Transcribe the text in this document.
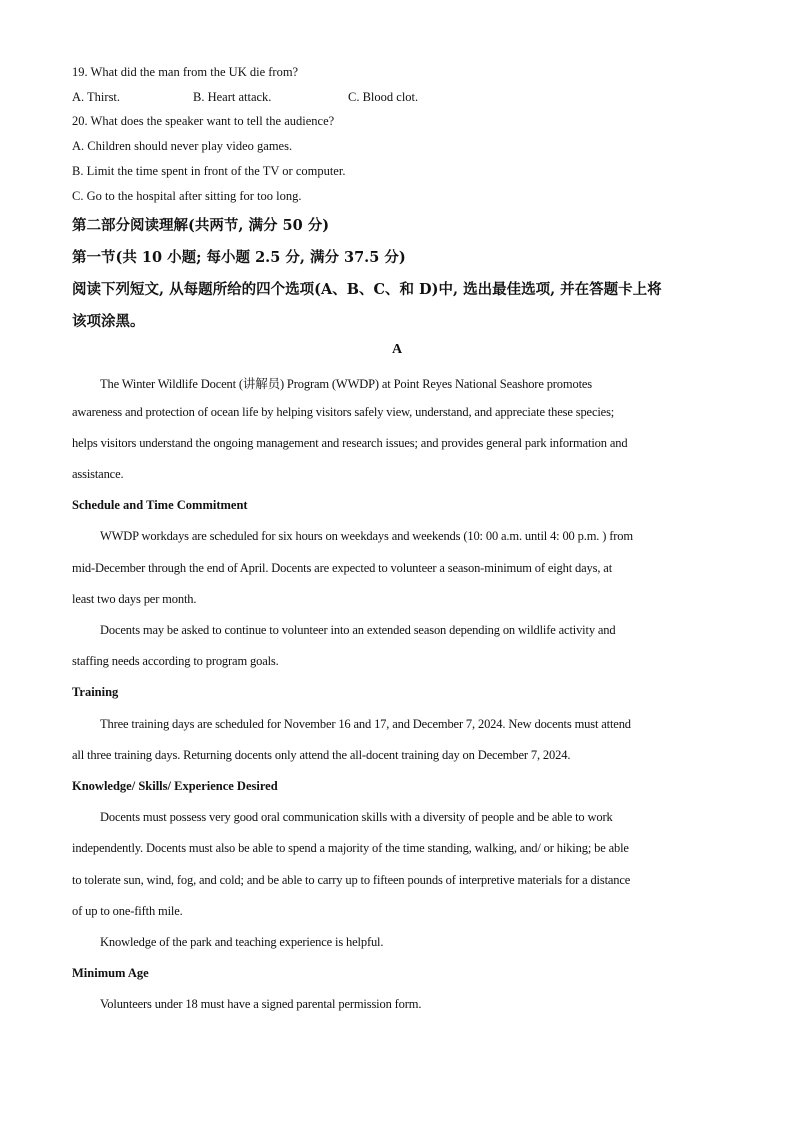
19. What did the man from the UK die from?
A. Thirst.	B. Heart attack.	C. Blood clot.
20. What does the speaker want to tell the audience?
A. Children should never play video games.
B. Limit the time spent in front of the TV or computer.
C. Go to the hospital after sitting for too long.
第二部分阅读理解(共两节, 满分 50 分)
第一节(共 10 小题; 每小题 2.5 分, 满分 37.5 分)
阅读下列短文, 从每题所给的四个选项(A、B、C、和 D)中, 选出最佳选项, 并在答题卡上将
该项涂黑。
A
The Winter Wildlife Docent (讲解员) Program (WWDP) at Point Reyes National Seashore promotes
awareness and protection of ocean life by helping visitors safely view, understand, and appreciate these species;
helps visitors understand the ongoing management and research issues; and provides general park information and
assistance.
Schedule and Time Commitment
WWDP workdays are scheduled for six hours on weekdays and weekends (10: 00 a.m. until 4: 00 p.m. ) from
mid-December through the end of April. Docents are expected to volunteer a season-minimum of eight days, at
least two days per month.
Docents may be asked to continue to volunteer into an extended season depending on wildlife activity and
staffing needs according to program goals.
Training
Three training days are scheduled for November 16 and 17, and December 7, 2024. New docents must attend
all three training days. Returning docents only attend the all-docent training day on December 7, 2024.
Knowledge/ Skills/ Experience Desired
Docents must possess very good oral communication skills with a diversity of people and be able to work
independently. Docents must also be able to spend a majority of the time standing, walking, and/ or hiking; be able
to tolerate sun, wind, fog, and cold; and be able to carry up to fifteen pounds of interpretive materials for a distance
of up to one-fifth mile.
Knowledge of the park and teaching experience is helpful.
Minimum Age
Volunteers under 18 must have a signed parental permission form.
